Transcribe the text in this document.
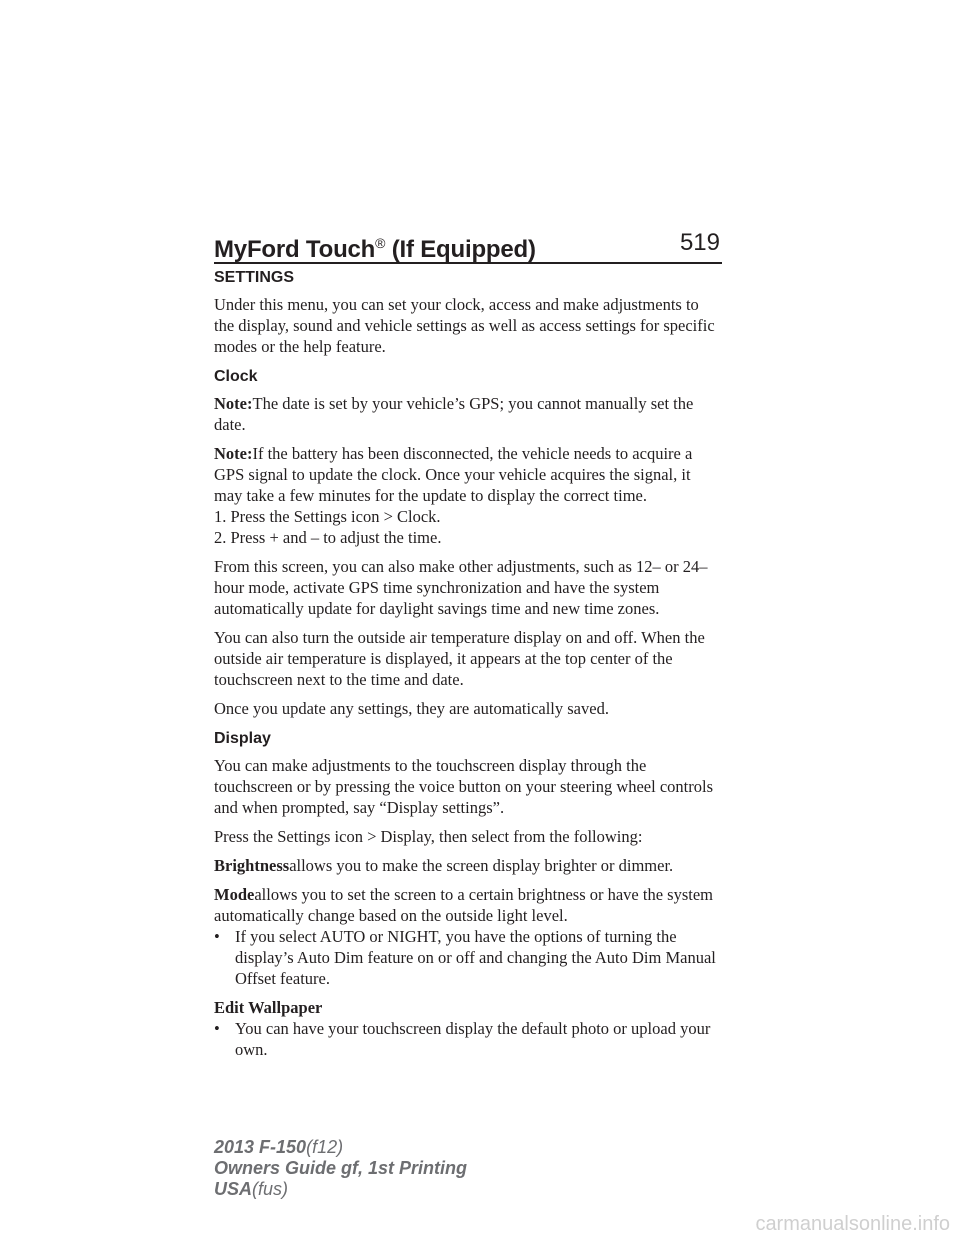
MyFord Touch® (If Equipped)	519
SETTINGS

Under this menu, you can set your clock, access and make adjustments to the display, sound and vehicle settings as well as access settings for specific modes or the help feature.

Clock

Note:The date is set by your vehicle’s GPS; you cannot manually set the date.

Note:If the battery has been disconnected, the vehicle needs to acquire a GPS signal to update the clock. Once your vehicle acquires the signal, it may take a few minutes for the update to display the correct time.

1. Press the Settings icon > Clock.

2. Press + and – to adjust the time.

From this screen, you can also make other adjustments, such as 12– or 24–hour mode, activate GPS time synchronization and have the system automatically update for daylight savings time and new time zones.

You can also turn the outside air temperature display on and off. When the outside air temperature is displayed, it appears at the top center of the touchscreen next to the time and date.

Once you update any settings, they are automatically saved.

Display

You can make adjustments to the touchscreen display through the touchscreen or by pressing the voice button on your steering wheel controls and when prompted, say “Display settings”.

Press the Settings icon > Display, then select from the following:

Brightnessallows you to make the screen display brighter or dimmer.

Modeallows you to set the screen to a certain brightness or have the system automatically change based on the outside light level.

• If you select AUTO or NIGHT, you have the options of turning the display’s Auto Dim feature on or off and changing the Auto Dim Manual Offset feature.

Edit Wallpaper

• You can have your touchscreen display the default photo or upload your own.
2013 F-150(f12)
Owners Guide gf, 1st Printing
USA(fus)
carmanualsonline.info
